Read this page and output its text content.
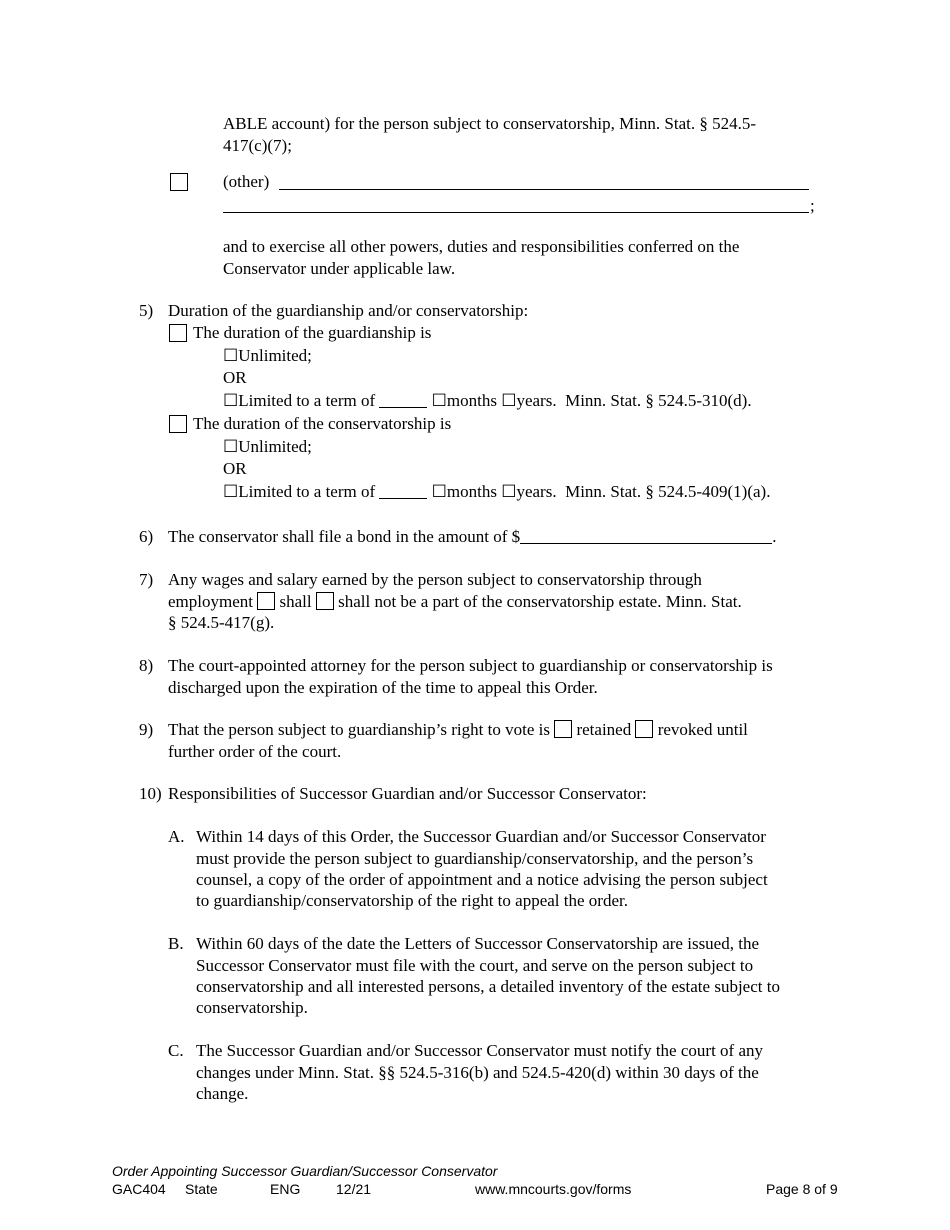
ABLE account) for the person subject to conservatorship, Minn. Stat. § 524.5-
417(c)(7);
(other)
;
and to exercise all other powers, duties and responsibilities conferred on the
Conservator under applicable law.
5) Duration of the guardianship and/or conservatorship:
The duration of the guardianship is
☐Unlimited;
OR
☐Limited to a term of	☐months ☐years. Minn. Stat. § 524.5-310(d).
The duration of the conservatorship is
☐Unlimited;
OR
☐Limited to a term of	☐months ☐years. Minn. Stat. § 524.5-409(1)(a).
6) The conservator shall file a bond in the amount of $	.
7) Any wages and salary earned by the person subject to conservatorship through
employment shall shall not be a part of the conservatorship estate. Minn. Stat.
§ 524.5-417(g).
8) The court-appointed attorney for the person subject to guardianship or conservatorship is
discharged upon the expiration of the time to appeal this Order.
9) That the person subject to guardianship’s right to vote is retained revoked until
further order of the court.
10) Responsibilities of Successor Guardian and/or Successor Conservator:
A. Within 14 days of this Order, the Successor Guardian and/or Successor Conservator
must provide the person subject to guardianship/conservatorship, and the person’s
counsel, a copy of the order of appointment and a notice advising the person subject
to guardianship/conservatorship of the right to appeal the order.
B. Within 60 days of the date the Letters of Successor Conservatorship are issued, the
Successor Conservator must file with the court, and serve on the person subject to
conservatorship and all interested persons, a detailed inventory of the estate subject to
conservatorship.
C. The Successor Guardian and/or Successor Conservator must notify the court of any
changes under Minn. Stat. §§ 524.5-316(b) and 524.5-420(d) within 30 days of the
change.
Order Appointing Successor Guardian/Successor Conservator
GAC404 State	ENG	12/21	www.mncourts.gov/forms	Page 8 of 9
